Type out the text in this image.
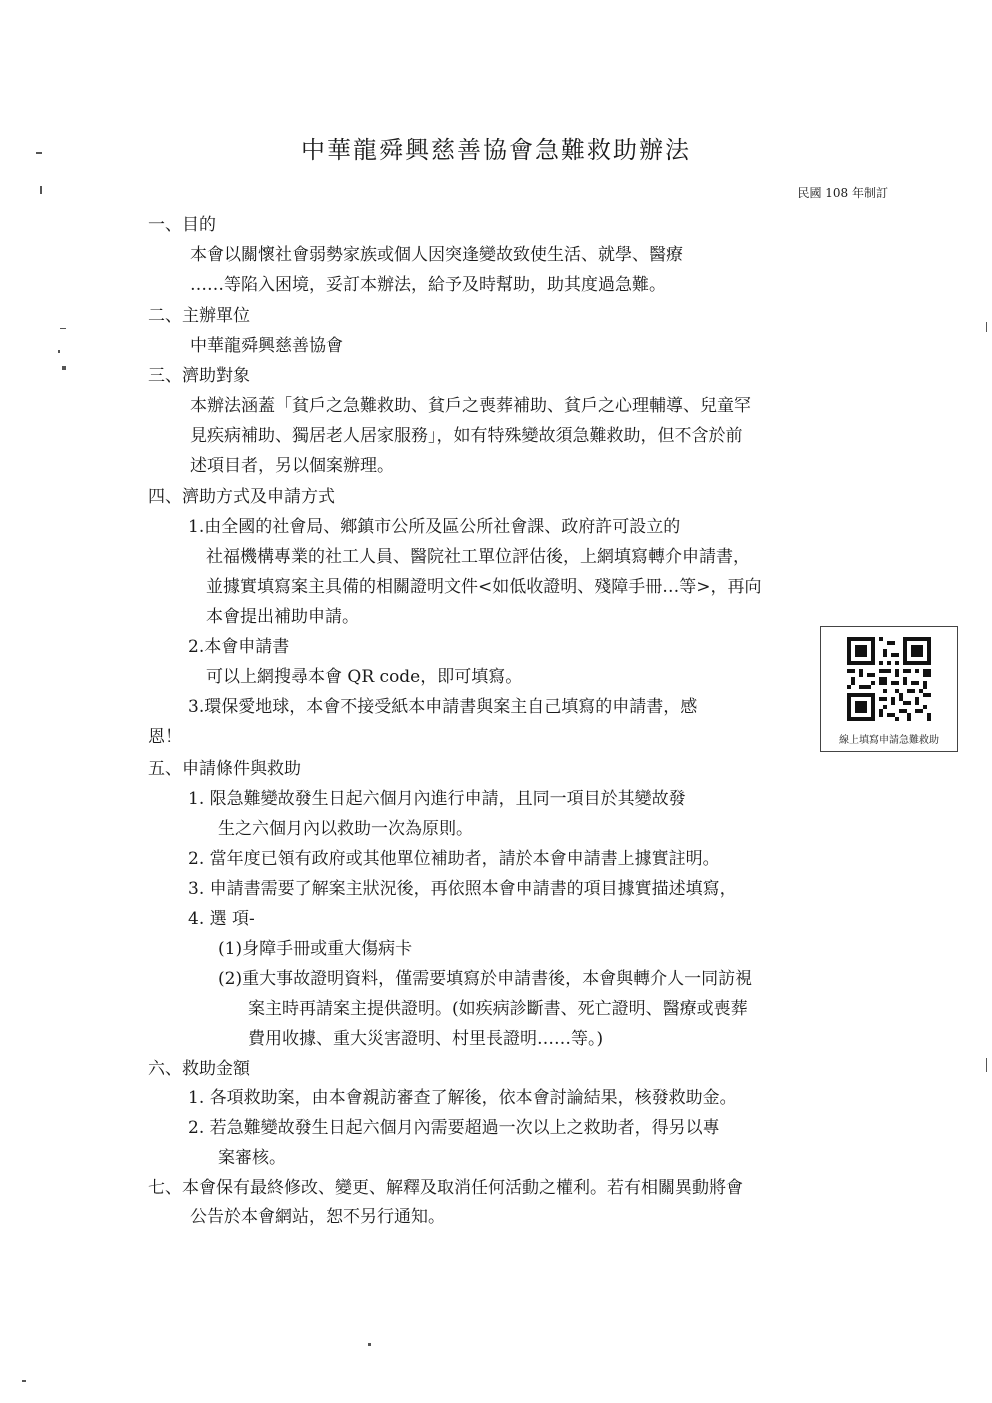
中華龍舜興慈善協會急難救助辦法
民國 108 年制訂
一、目的
本會以關懷社會弱勢家族或個人因突逢變故致使生活、就學、醫療
……等陷入困境，妥訂本辦法，給予及時幫助，助其度過急難。
二、主辦單位
中華龍舜興慈善協會
三、濟助對象
本辦法涵蓋「貧戶之急難救助、貧戶之喪葬補助、貧戶之心理輔導、兒童罕
見疾病補助、獨居老人居家服務」，如有特殊變故須急難救助，但不含於前
述項目者，另以個案辦理。
四、濟助方式及申請方式
1.由全國的社會局、鄉鎮市公所及區公所社會課、政府許可設立的
社福機構專業的社工人員、醫院社工單位評估後，上網填寫轉介申請書，
並據實填寫案主具備的相關證明文件<如低收證明、殘障手冊…等>，再向
本會提出補助申請。
2.本會申請書
可以上網搜尋本會 QR code，即可填寫。
3.環保愛地球，本會不接受紙本申請書與案主自己填寫的申請書，感
恩！	線上填寫申請急難救助
五、申請條件與救助
1. 限急難變故發生日起六個月內進行申請，且同一項目於其變故發
生之六個月內以救助一次為原則。
2. 當年度已領有政府或其他單位補助者，請於本會申請書上據實註明。
3. 申請書需要了解案主狀況後，再依照本會申請書的項目據實描述填寫，
4. 選 項-
(1)身障手冊或重大傷病卡
(2)重大事故證明資料，僅需要填寫於申請書後，本會與轉介人一同訪視
案主時再請案主提供證明。(如疾病診斷書、死亡證明、醫療或喪葬
費用收據、重大災害證明、村里長證明……等。)
六、救助金額
1. 各項救助案，由本會親訪審查了解後，依本會討論結果，核發救助金。
2. 若急難變故發生日起六個月內需要超過一次以上之救助者，得另以專
案審核。
七、本會保有最終修改、變更、解釋及取消任何活動之權利。若有相關異動將會
公告於本會網站，恕不另行通知。
